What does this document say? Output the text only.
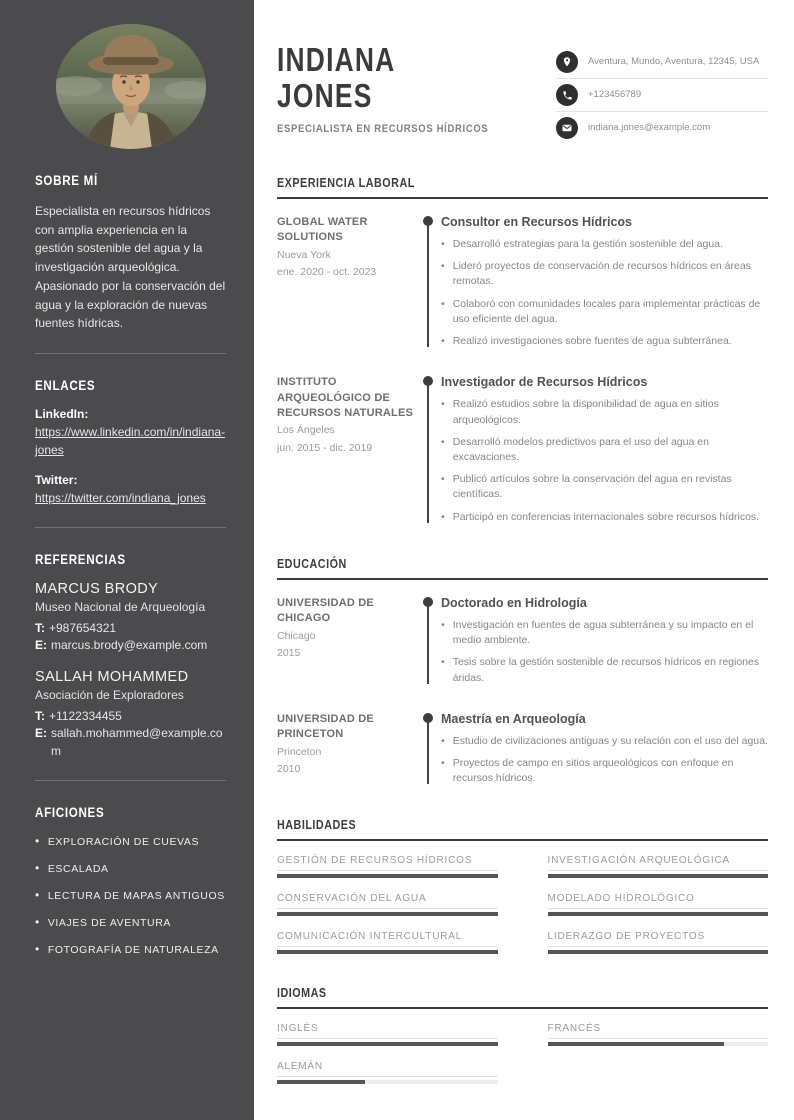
SOBRE MÍ

Especialista en recursos hídricos con amplia experiencia en la gestión sostenible del agua y la investigación arqueológica. Apasionado por la conservación del agua y la exploración de nuevas fuentes hídricas.

ENLACES
LinkedIn:
https://www.linkedin.com/in/indiana-jones
Twitter:
https://twitter.com/indiana_jones
REFERENCIAS
MARCUS BRODY
Museo Nacional de Arqueología
T: +987654321
E: marcus.brody@example.com
SALLAH MOHAMMED
Asociación de Exploradores
T: +1122334455
E: sallah.mohammed@example.com
AFICIONES
• EXPLORACIÓN DE CUEVAS
• ESCALADA
• LECTURA DE MAPAS ANTIGUOS
• VIAJES DE AVENTURA
• FOTOGRAFÍA DE NATURALEZA
INDIANA
JONES
ESPECIALISTA EN RECURSOS HÍDRICOS
Aventura, Mundo, Aventura, 12345, USA
+123456789
indiana.jones@example.com
EXPERIENCIA LABORAL
GLOBAL WATER SOLUTIONS
Nueva York
ene. 2020 - oct. 2023
Consultor en Recursos Hídricos
• Desarrolló estrategias para la gestión sostenible del agua.
• Lideró proyectos de conservación de recursos hídricos en áreas remotas.
• Colaboró con comunidades locales para implementar prácticas de uso eficiente del agua.
• Realizó investigaciones sobre fuentes de agua subterránea.
INSTITUTO ARQUEOLÓGICO DE RECURSOS NATURALES
Los Ángeles
jun. 2015 - dic. 2019
Investigador de Recursos Hídricos
• Realizó estudios sobre la disponibilidad de agua en sitios arqueológicos.
• Desarrolló modelos predictivos para el uso del agua en excavaciones.
• Publicó artículos sobre la conservación del agua en revistas científicas.
• Participó en conferencias internacionales sobre recursos hídricos.
EDUCACIÓN
UNIVERSIDAD DE CHICAGO
Chicago
2015
Doctorado en Hidrología
• Investigación en fuentes de agua subterránea y su impacto en el medio ambiente.
• Tesis sobre la gestión sostenible de recursos hídricos en regiones áridas.
UNIVERSIDAD DE PRINCETON
Princeton
2010
Maestría en Arqueología
• Estudio de civilizaciones antiguas y su relación con el uso del agua.
• Proyectos de campo en sitios arqueológicos con enfoque en recursos hídricos.
HABILIDADES
GESTIÓN DE RECURSOS HÍDRICOS	INVESTIGACIÓN ARQUEOLÓGICA
CONSERVACIÓN DEL AGUA	MODELADO HIDROLÓGICO
COMUNICACIÓN INTERCULTURAL	LIDERAZGO DE PROYECTOS
IDIOMAS
INGLÉS	FRANCÉS
ALEMÁN
